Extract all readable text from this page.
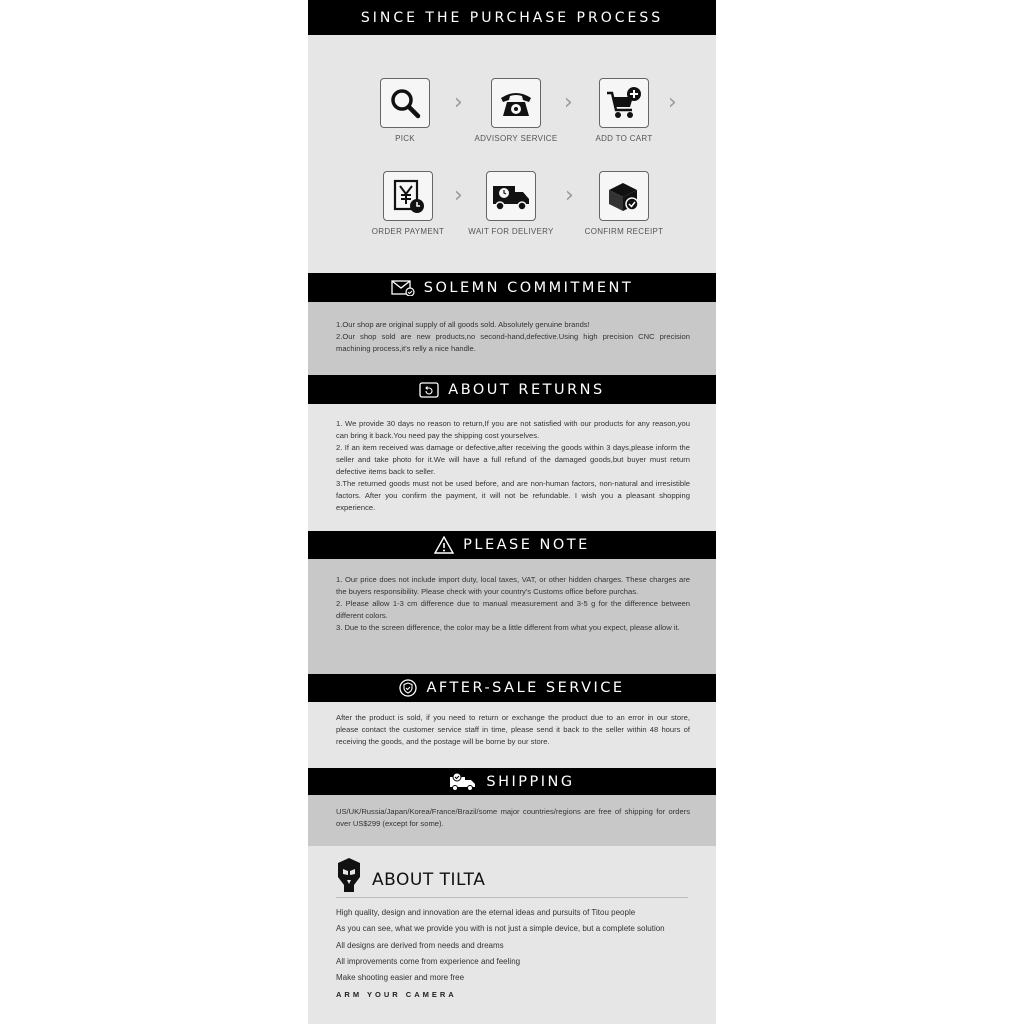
SINCE THE PURCHASE PROCESS
PICK
›
ADVISORY SERVICE
›
ADD TO CART
›
ORDER PAYMENT
›
WAIT FOR DELIVERY
›
CONFIRM RECEIPT
SOLEMN COMMITMENT

1.Our shop are original supply of all goods sold. Absolutely genuine brands!

2.Our shop sold are new products,no second-hand,defective.Using high precision CNC precision machining process,it's relly a nice handle.

ABOUT RETURNS

1. We provide 30 days no reason to return,If you are not satisfied with our products for any reason,you can bring it back.You need pay the shipping cost yourselves.

2. If an item received was damage or defective,after receiving the goods within 3 days,please inform the seller and take photo for it.We will have a full refund of the damaged goods,but buyer must return defective items back to seller.

3.The returned goods must not be used before, and are non-human factors, non-natural and irresistible factors. After you confirm the payment, it will not be refundable. I wish you a pleasant shopping experience.

PLEASE NOTE

1. Our price does not include import duty, local taxes, VAT, or other hidden charges. These charges are the buyers responsibility. Please check with your country's Customs office before purchas.

2. Please allow 1-3 cm difference due to manual measurement and 3-5 g for the difference between different colors.

3. Due to the screen difference, the color may be a little different from what you expect, please allow it.

AFTER-SALE SERVICE

After the product is sold, if you need to return or exchange the product due to an error in our store, please contact the customer service staff in time, please send it back to the seller within 48 hours of receiving the goods, and the postage will be borne by our store.

SHIPPING

US/UK/Russia/Japan/Korea/France/Brazil/some major countries/regions are free of shipping for orders over US$299 (except for some).

ABOUT TILTA
High quality, design and innovation are the eternal ideas and pursuits of Titou people
As you can see, what we provide you with is not just a simple device, but a complete solution
All designs are derived from needs and dreams
All improvements come from experience and feeling
Make shooting easier and more free
ARM YOUR CAMERA
